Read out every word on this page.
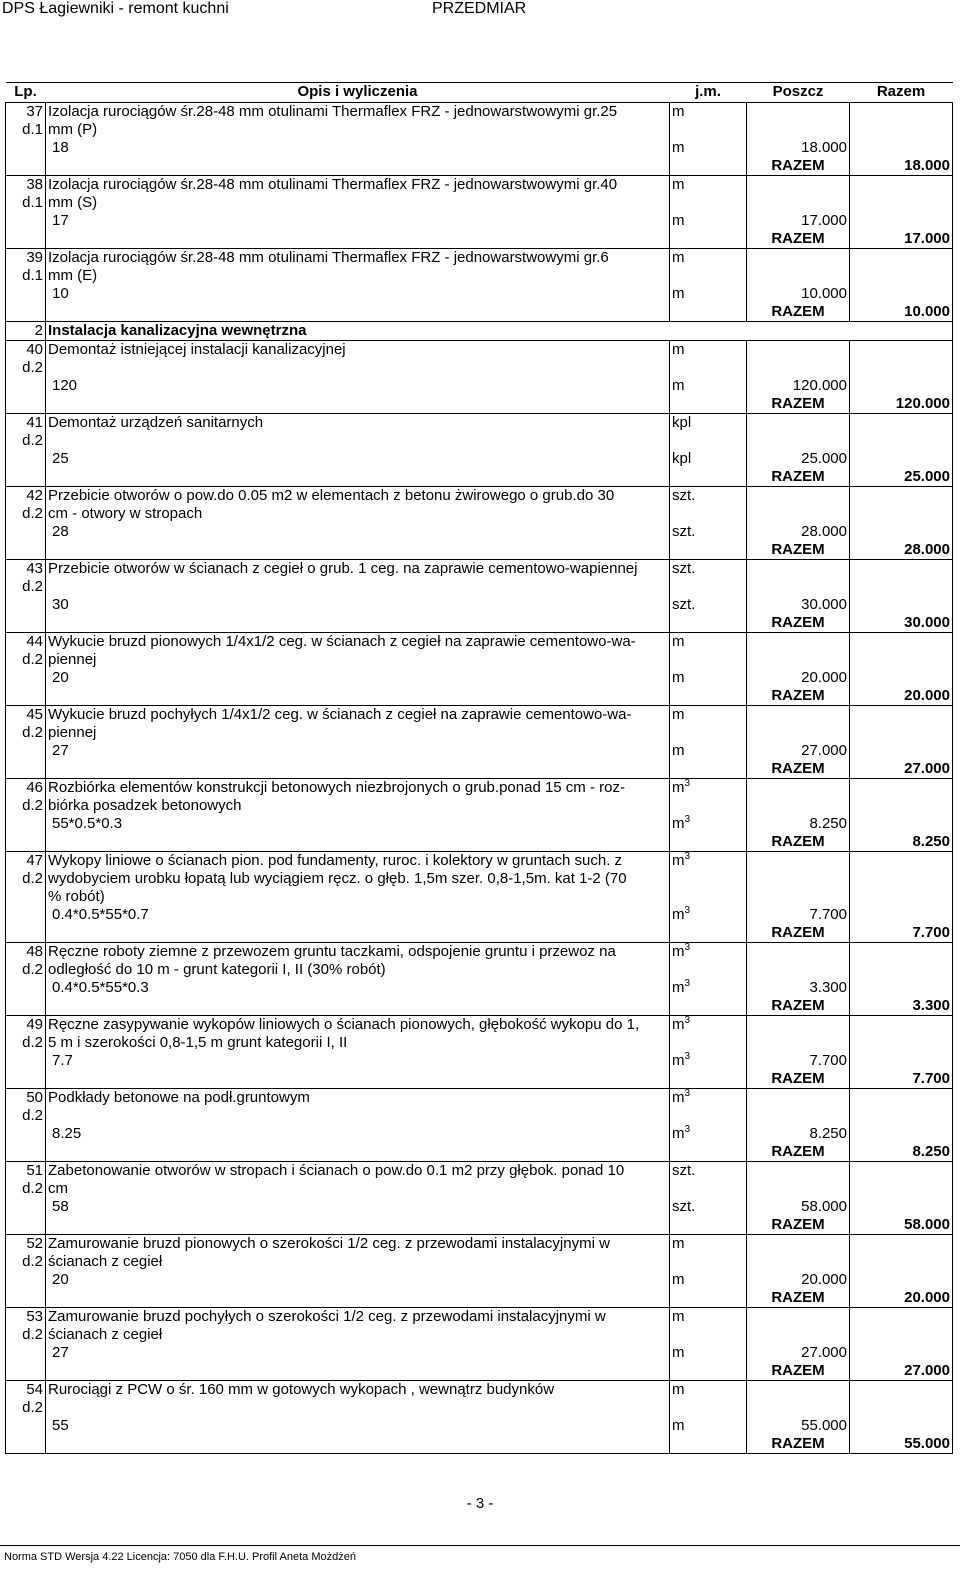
DPS Łagiewniki - remont kuchni	PRZEDMIAR
Lp.	Opis i wyliczenia	j.m.	Poszcz	Razem
37	Izolacja rurociągów śr.28-48 mm otulinami Thermaflex FRZ - jednowarstwowymi gr.25	m		
d.1	mm (P)			
	18	m	18.000	
			RAZEM	18.000
38	Izolacja rurociągów śr.28-48 mm otulinami Thermaflex FRZ - jednowarstwowymi gr.40	m		
d.1	mm (S)			
	17	m	17.000	
			RAZEM	17.000
39	Izolacja rurociągów śr.28-48 mm otulinami Thermaflex FRZ - jednowarstwowymi gr.6	m		
d.1	mm (E)			
	10	m	10.000	
			RAZEM	10.000
2	Instalacja kanalizacyjna wewnętrzna			
40	Demontaż istniejącej instalacji kanalizacyjnej	m		
d.2				
	120	m	120.000	
			RAZEM	120.000
41	Demontaż urządzeń sanitarnych	kpl		
d.2				
	25	kpl	25.000	
			RAZEM	25.000
42	Przebicie otworów o pow.do 0.05 m2 w elementach z betonu żwirowego o grub.do 30	szt.		
d.2	cm - otwory w stropach			
	28	szt.	28.000	
			RAZEM	28.000
43	Przebicie otworów w ścianach z cegieł o grub. 1 ceg. na zaprawie cementowo-wapiennej	szt.		
d.2				
	30	szt.	30.000	
			RAZEM	30.000
44	Wykucie bruzd pionowych 1/4x1/2 ceg. w ścianach z cegieł na zaprawie cementowo-wa-	m		
d.2	piennej			
	20	m	20.000	
			RAZEM	20.000
45	Wykucie bruzd pochyłych 1/4x1/2 ceg. w ścianach z cegieł na zaprawie cementowo-wa-	m		
d.2	piennej			
	27	m	27.000	
			RAZEM	27.000
46	Rozbiórka elementów konstrukcji betonowych niezbrojonych o grub.ponad 15 cm - roz-	$m^3$		
d.2	biórka posadzek betonowych			
	55*0.5*0.3	$m^3$	8.250	
			RAZEM	8.250
47	Wykopy liniowe o ścianach pion. pod fundamenty, ruroc. i kolektory w gruntach such. z	$m^3$		
d.2	wydobyciem urobku łopatą lub wyciągiem ręcz. o głęb. 1,5m szer. 0,8-1,5m. kat 1-2 (70			
	% robót)			
	0.4*0.5*55*0.7	$m^3$	7.700	
			RAZEM	7.700
48	Ręczne roboty ziemne z przewozem gruntu taczkami, odspojenie gruntu i przewoz na	$m^3$		
d.2	odległość do 10 m - grunt kategorii I, II (30% robót)			
	0.4*0.5*55*0.3	$m^3$	3.300	
			RAZEM	3.300
49	Ręczne zasypywanie wykopów liniowych o ścianach pionowych, głębokość wykopu do 1,	$m^3$		
d.2	5 m i szerokości 0,8-1,5 m grunt kategorii I, II			
	7.7	$m^3$	7.700	
			RAZEM	7.700
50	Podkłady betonowe na podł.gruntowym	$m^3$		
d.2				
	8.25	$m^3$	8.250	
			RAZEM	8.250
51	Zabetonowanie otworów w stropach i ścianach o pow.do 0.1 m2 przy głębok. ponad 10	szt.		
d.2	cm			
	58	szt.	58.000	
			RAZEM	58.000
52	Zamurowanie bruzd pionowych o szerokości 1/2 ceg. z przewodami instalacyjnymi w	m		
d.2	ścianach z cegieł			
	20	m	20.000	
			RAZEM	20.000
53	Zamurowanie bruzd pochyłych o szerokości 1/2 ceg. z przewodami instalacyjnymi w	m		
d.2	ścianach z cegieł			
	27	m	27.000	
			RAZEM	27.000
54	Rurociągi z PCW o śr. 160 mm w gotowych wykopach , wewnątrz budynków	m		
d.2				
	55	m	55.000	
			RAZEM	55.000
- 3 -
Norma STD Wersja 4.22 Licencja: 7050 dla F.H.U. Profil Aneta Możdżeń
